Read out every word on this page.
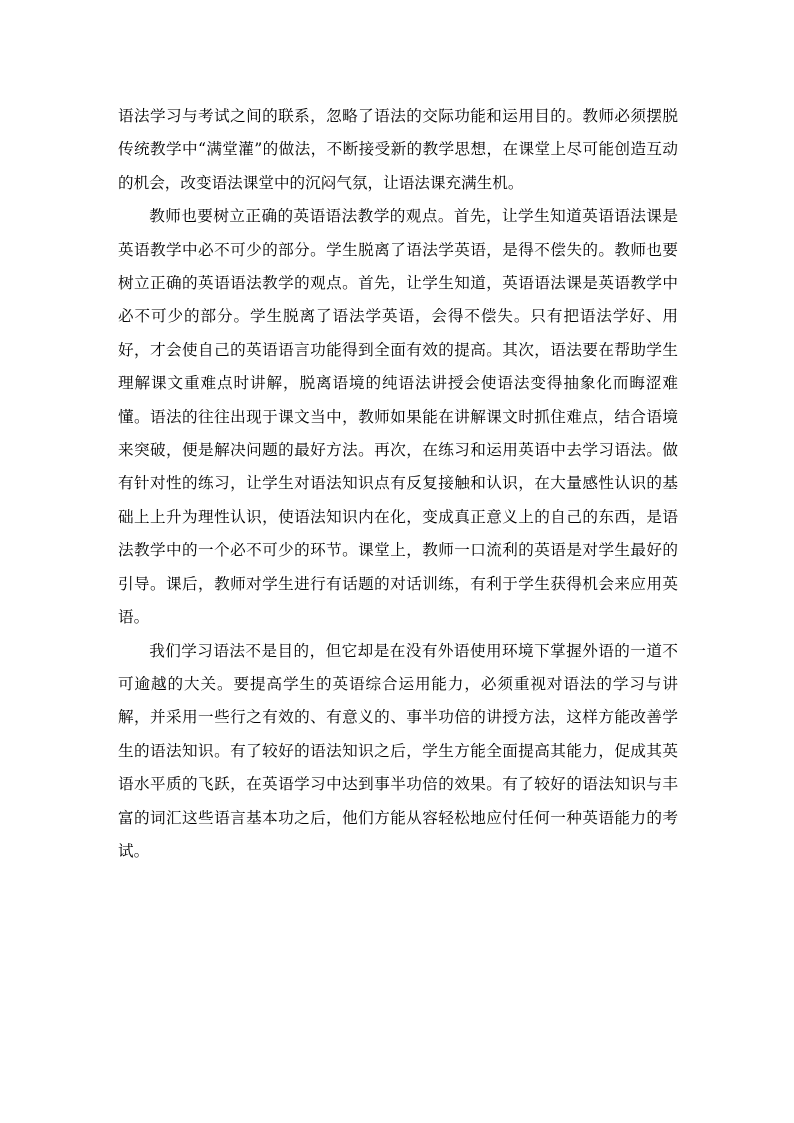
语法学习与考试之间的联系，忽略了语法的交际功能和运用目的。教师必须摆脱传统教学中“满堂灌”的做法，不断接受新的教学思想，在课堂上尽可能创造互动的机会，改变语法课堂中的沉闷气氛，让语法课充满生机。

教师也要树立正确的英语语法教学的观点。首先，让学生知道英语语法课是英语教学中必不可少的部分。学生脱离了语法学英语，是得不偿失的。教师也要树立正确的英语语法教学的观点。首先，让学生知道，英语语法课是英语教学中必不可少的部分。学生脱离了语法学英语，会得不偿失。只有把语法学好、用好，才会使自己的英语语言功能得到全面有效的提高。其次，语法要在帮助学生理解课文重难点时讲解，脱离语境的纯语法讲授会使语法变得抽象化而晦涩难懂。语法的往往出现于课文当中，教师如果能在讲解课文时抓住难点，结合语境来突破，便是解决问题的最好方法。再次，在练习和运用英语中去学习语法。做有针对性的练习，让学生对语法知识点有反复接触和认识，在大量感性认识的基础上上升为理性认识，使语法知识内在化，变成真正意义上的自己的东西，是语法教学中的一个必不可少的环节。课堂上，教师一口流利的英语是对学生最好的引导。课后，教师对学生进行有话题的对话训练，有利于学生获得机会来应用英语。

我们学习语法不是目的，但它却是在没有外语使用环境下掌握外语的一道不可逾越的大关。要提高学生的英语综合运用能力，必须重视对语法的学习与讲解，并采用一些行之有效的、有意义的、事半功倍的讲授方法，这样方能改善学生的语法知识。有了较好的语法知识之后，学生方能全面提高其能力，促成其英语水平质的飞跃，在英语学习中达到事半功倍的效果。有了较好的语法知识与丰富的词汇这些语言基本功之后，他们方能从容轻松地应付任何一种英语能力的考试。
